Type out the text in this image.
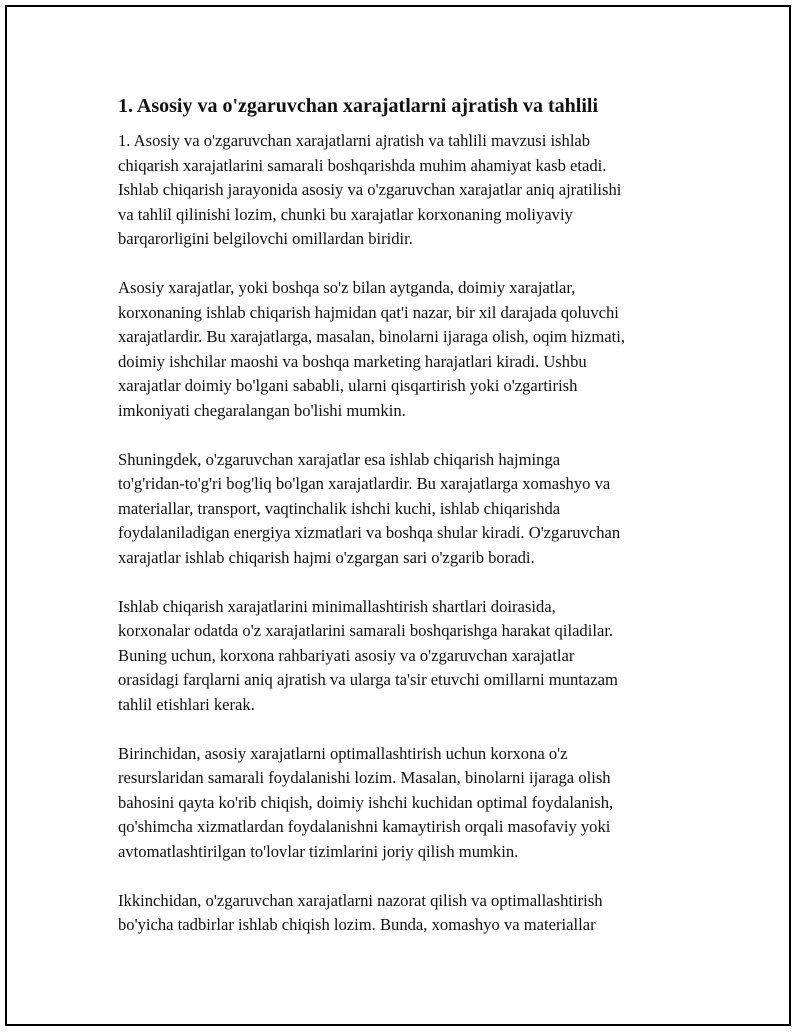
1. Asosiy va o'zgaruvchan xarajatlarni ajratish va tahlili

1. Asosiy va o'zgaruvchan xarajatlarni ajratish va tahlili mavzusi ishlab
chiqarish xarajatlarini samarali boshqarishda muhim ahamiyat kasb etadi.
Ishlab chiqarish jarayonida asosiy va o'zgaruvchan xarajatlar aniq ajratilishi
va tahlil qilinishi lozim, chunki bu xarajatlar korxonaning moliyaviy
barqarorligini belgilovchi omillardan biridir.

Asosiy xarajatlar, yoki boshqa so'z bilan aytganda, doimiy xarajatlar,
korxonaning ishlab chiqarish hajmidan qat'i nazar, bir xil darajada qoluvchi
xarajatlardir. Bu xarajatlarga, masalan, binolarni ijaraga olish, oqim hizmati,
doimiy ishchilar maoshi va boshqa marketing harajatlari kiradi. Ushbu
xarajatlar doimiy bo'lgani sababli, ularni qisqartirish yoki o'zgartirish
imkoniyati chegaralangan bo'lishi mumkin.

Shuningdek, o'zgaruvchan xarajatlar esa ishlab chiqarish hajminga
to'g'ridan-to'g'ri bog'liq bo'lgan xarajatlardir. Bu xarajatlarga xomashyo va
materiallar, transport, vaqtinchalik ishchi kuchi, ishlab chiqarishda
foydalaniladigan energiya xizmatlari va boshqa shular kiradi. O'zgaruvchan
xarajatlar ishlab chiqarish hajmi o'zgargan sari o'zgarib boradi.

Ishlab chiqarish xarajatlarini minimallashtirish shartlari doirasida,
korxonalar odatda o'z xarajatlarini samarali boshqarishga harakat qiladilar.
Buning uchun, korxona rahbariyati asosiy va o'zgaruvchan xarajatlar
orasidagi farqlarni aniq ajratish va ularga ta'sir etuvchi omillarni muntazam
tahlil etishlari kerak.

Birinchidan, asosiy xarajatlarni optimallashtirish uchun korxona o'z
resurslaridan samarali foydalanishi lozim. Masalan, binolarni ijaraga olish
bahosini qayta ko'rib chiqish, doimiy ishchi kuchidan optimal foydalanish,
qo'shimcha xizmatlardan foydalanishni kamaytirish orqali masofaviy yoki
avtomatlashtirilgan to'lovlar tizimlarini joriy qilish mumkin.

Ikkinchidan, o'zgaruvchan xarajatlarni nazorat qilish va optimallashtirish
bo'yicha tadbirlar ishlab chiqish lozim. Bunda, xomashyo va materiallar
